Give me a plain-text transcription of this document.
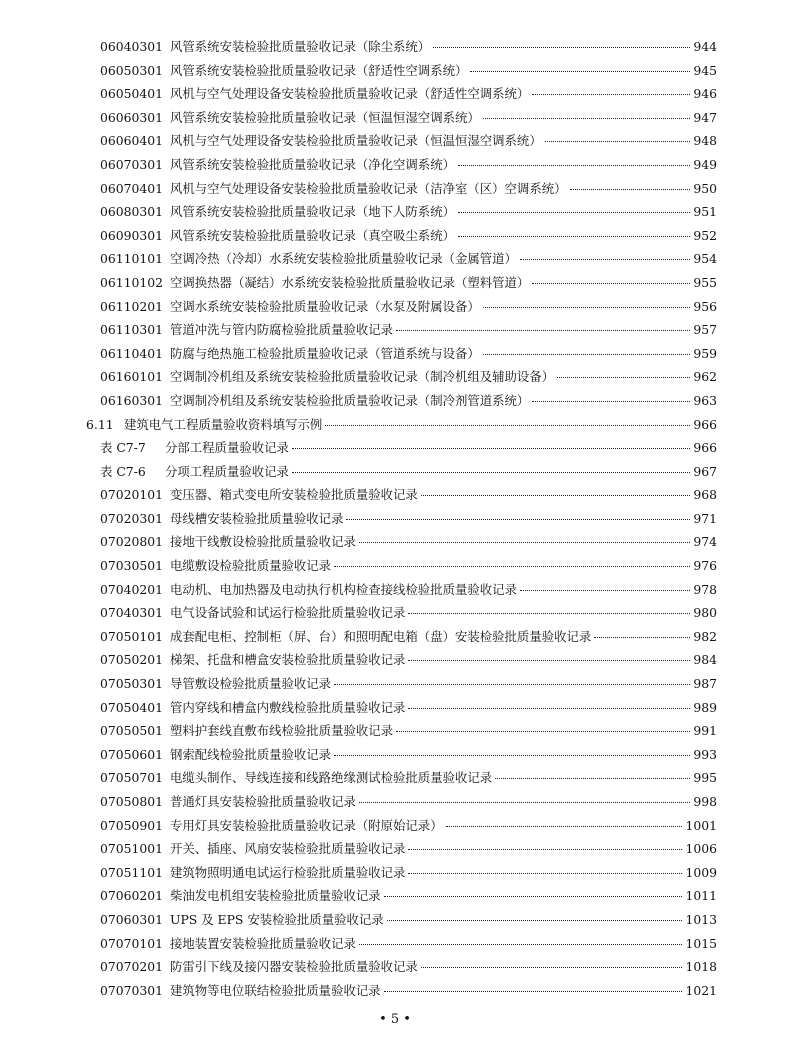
06040301 风管系统安装检验批质量验收记录（除尘系统）	944
06050301 风管系统安装检验批质量验收记录（舒适性空调系统）	945
06050401 风机与空气处理设备安装检验批质量验收记录（舒适性空调系统）	946
06060301 风管系统安装检验批质量验收记录（恒温恒湿空调系统）	947
06060401 风机与空气处理设备安装检验批质量验收记录（恒温恒湿空调系统）	948
06070301 风管系统安装检验批质量验收记录（净化空调系统）	949
06070401 风机与空气处理设备安装检验批质量验收记录（洁净室（区）空调系统）	950
06080301 风管系统安装检验批质量验收记录（地下人防系统）	951
06090301 风管系统安装检验批质量验收记录（真空吸尘系统）	952
06110101 空调冷热（冷却）水系统安装检验批质量验收记录（金属管道）	954
06110102 空调换热器（凝结）水系统安装检验批质量验收记录（塑料管道）	955
06110201 空调水系统安装检验批质量验收记录（水泵及附属设备）	956
06110301 管道冲洗与管内防腐检验批质量验收记录	957
06110401 防腐与绝热施工检验批质量验收记录（管道系统与设备）	959
06160101 空调制冷机组及系统安装检验批质量验收记录（制冷机组及辅助设备）	962
06160301 空调制冷机组及系统安装检验批质量验收记录（制冷剂管道系统）	963
6.11 建筑电气工程质量验收资料填写示例	966
表 C7-7	分部工程质量验收记录	966
表 C7-6	分项工程质量验收记录	967
07020101 变压器、箱式变电所安装检验批质量验收记录	968
07020301 母线槽安装检验批质量验收记录	971
07020801 接地干线敷设检验批质量验收记录	974
07030501 电缆敷设检验批质量验收记录	976
07040201 电动机、电加热器及电动执行机构检查接线检验批质量验收记录	978
07040301 电气设备试验和试运行检验批质量验收记录	980
07050101 成套配电柜、控制柜（屏、台）和照明配电箱（盘）安装检验批质量验收记录	982
07050201 梯架、托盘和槽盒安装检验批质量验收记录	984
07050301 导管敷设检验批质量验收记录	987
07050401 管内穿线和槽盒内敷线检验批质量验收记录	989
07050501 塑料护套线直敷布线检验批质量验收记录	991
07050601 钢索配线检验批质量验收记录	993
07050701 电缆头制作、导线连接和线路绝缘测试检验批质量验收记录	995
07050801 普通灯具安装检验批质量验收记录	998
07050901 专用灯具安装检验批质量验收记录（附原始记录）	1001
07051001 开关、插座、风扇安装检验批质量验收记录	1006
07051101 建筑物照明通电试运行检验批质量验收记录	1009
07060201 柴油发电机组安装检验批质量验收记录	1011
07060301 UPS 及 EPS 安装检验批质量验收记录	1013
07070101 接地装置安装检验批质量验收记录	1015
07070201 防雷引下线及接闪器安装检验批质量验收记录	1018
07070301 建筑物等电位联结检验批质量验收记录	1021
• 5 •
